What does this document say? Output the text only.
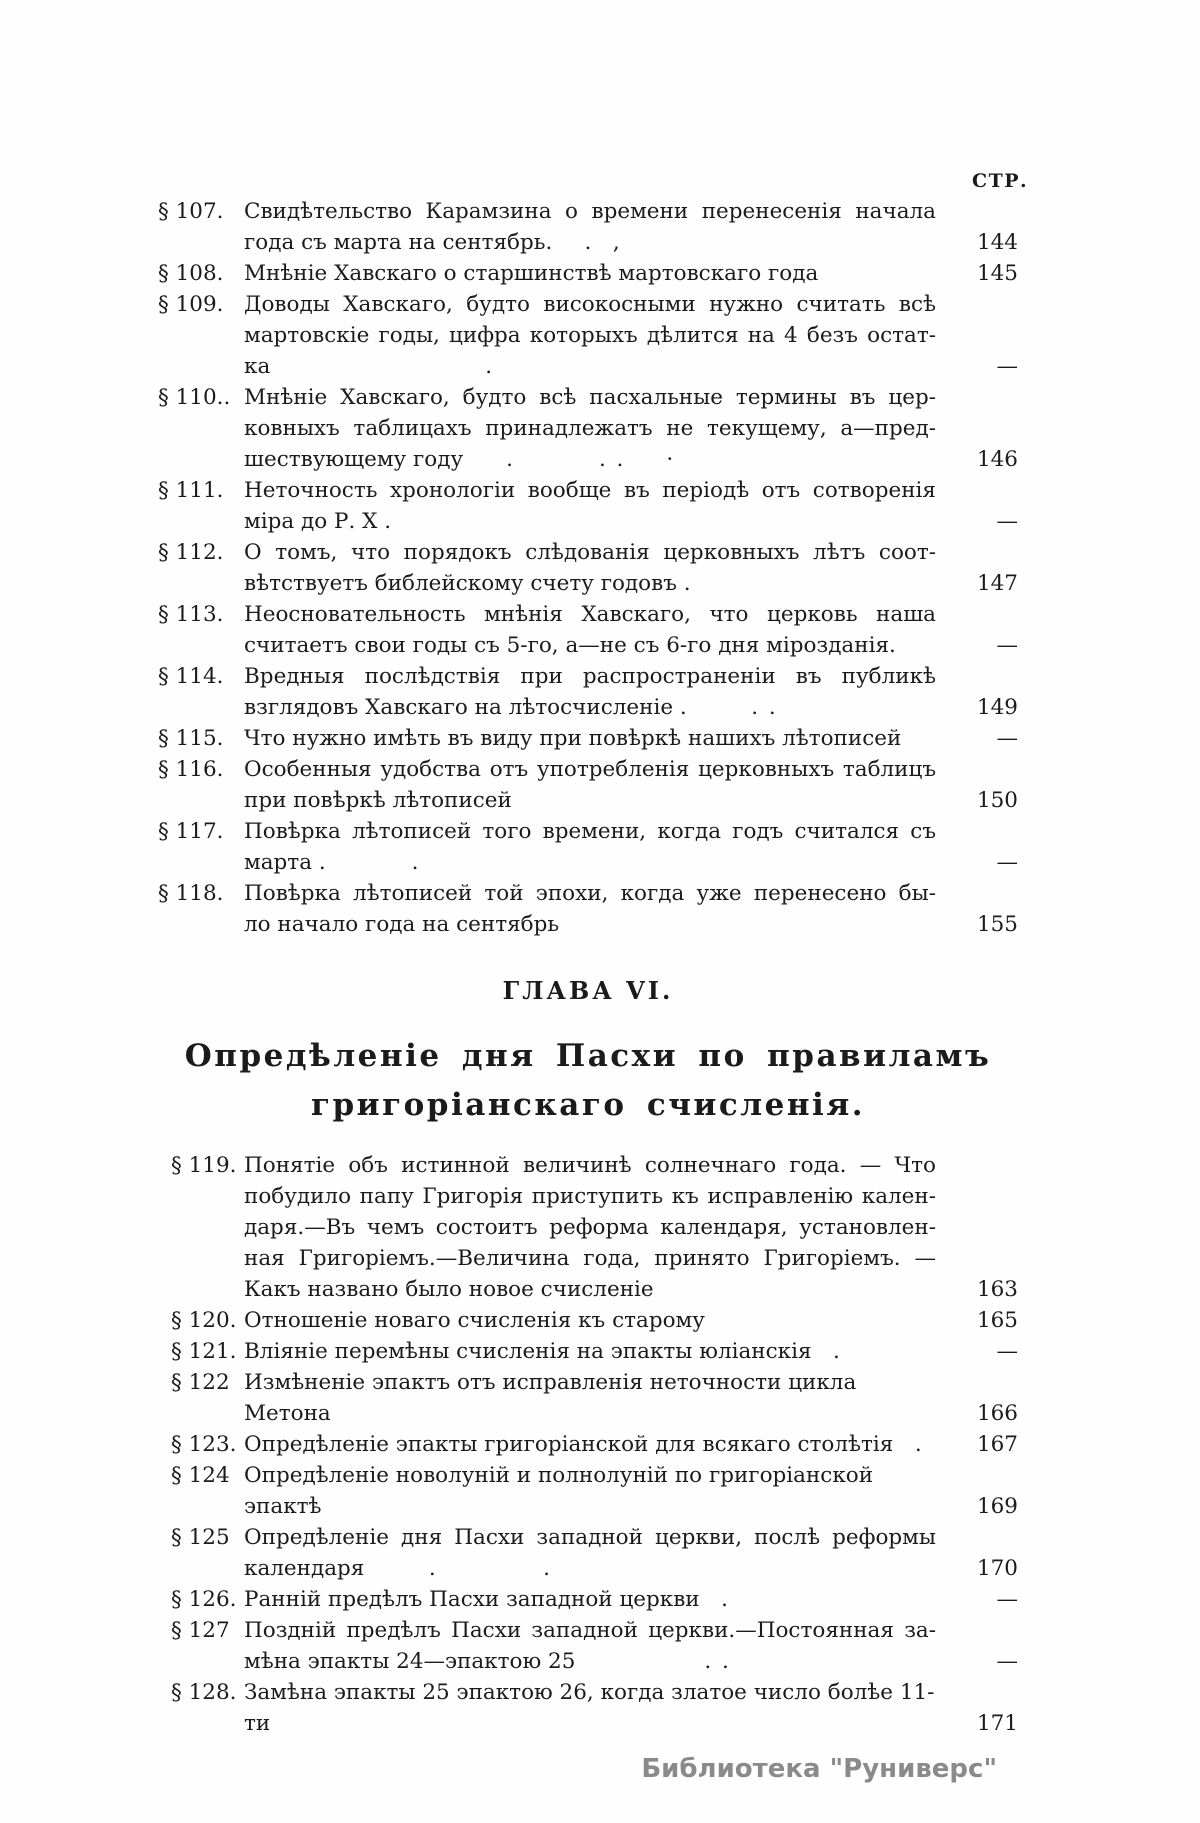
СТР.
§ 107. Свидѣтельство Карамзина о времени перенесенія начала
года съ марта на сентябрь.  . ,	144
§ 108. Мнѣніе Хавскаго о старшинствѣ мартовскаго года	145
§ 109. Доводы Хавскаго, будто високосными нужно считать всѣ
мартовскіе годы, цифра которыхъ дѣлится на 4 безъ остат-
ка          .	—
§ 110.. Мнѣніе Хавскаго, будто всѣ пасхальные термины въ цер-
ковныхъ таблицахъ принадлежатъ не текущему, а—пред-
шествующему году  .    . .  ·	146
§ 111. Неточность хронологіи вообще въ періодѣ отъ сотворенія
міра до Р. Х .	—
§ 112. О томъ, что порядокъ слѣдованія церковныхъ лѣтъ соот-
вѣтствуетъ библейскому счету годовъ .	147
§ 113. Неосновательность мнѣнія Хавскаго, что церковь наша
считаетъ свои годы съ 5-го, а—не съ 6-го дня мірозданія.	—
§ 114. Вредныя послѣдствія при распространеніи въ публикѣ
взглядовъ Хавскаго на лѣтосчисленіе .   . .	149
§ 115. Что нужно имѣть въ виду при повѣркѣ нашихъ лѣтописей	—
§ 116. Особенныя удобства отъ употребленія церковныхъ таблицъ
при повѣркѣ лѣтописей	150
§ 117. Повѣрка лѣтописей того времени, когда годъ считался съ
марта .    .	—
§ 118. Повѣрка лѣтописей той эпохи, когда уже перенесено бы-
ло начало года на сентябрь	155
ГЛАВА VI.
Опредѣленіе дня Пасхи по правиламъ
григоріанскаго счисленія.
§ 119. Понятіе объ истинной величинѣ солнечнаго года. — Что
побудило папу Григорія приступить къ исправленію кален-
даря.—Въ чемъ состоитъ реформа календаря, установлен-
ная Григоріемъ.—Величина года, принято Григоріемъ. —
Какъ названо было новое счисленіе	163
§ 120. Отношеніе новаго счисленія къ старому	165
§ 121. Вліяніе перемѣны счисленія на эпакты юліанскія .	—
§ 122 Измѣненіе эпактъ отъ исправленія неточности цикла Метона	166
§ 123. Опредѣленіе эпакты григоріанской для всякаго столѣтія .	167
§ 124 Опредѣленіе новолуній и полнолуній по григоріанской эпактѣ	169
§ 125 Опредѣленіе дня Пасхи западной церкви, послѣ реформы
календаря   .     .	170
§ 126. Ранній предѣлъ Пасхи западной церкви .	—
§ 127 Поздній предѣлъ Пасхи западной церкви.—Постоянная за-
мѣна эпакты 24—эпактою 25      . .	—
§ 128. Замѣна эпакты 25 эпактою 26, когда златое число болѣе 11-ти	171
Библиотека "Руниверс"
